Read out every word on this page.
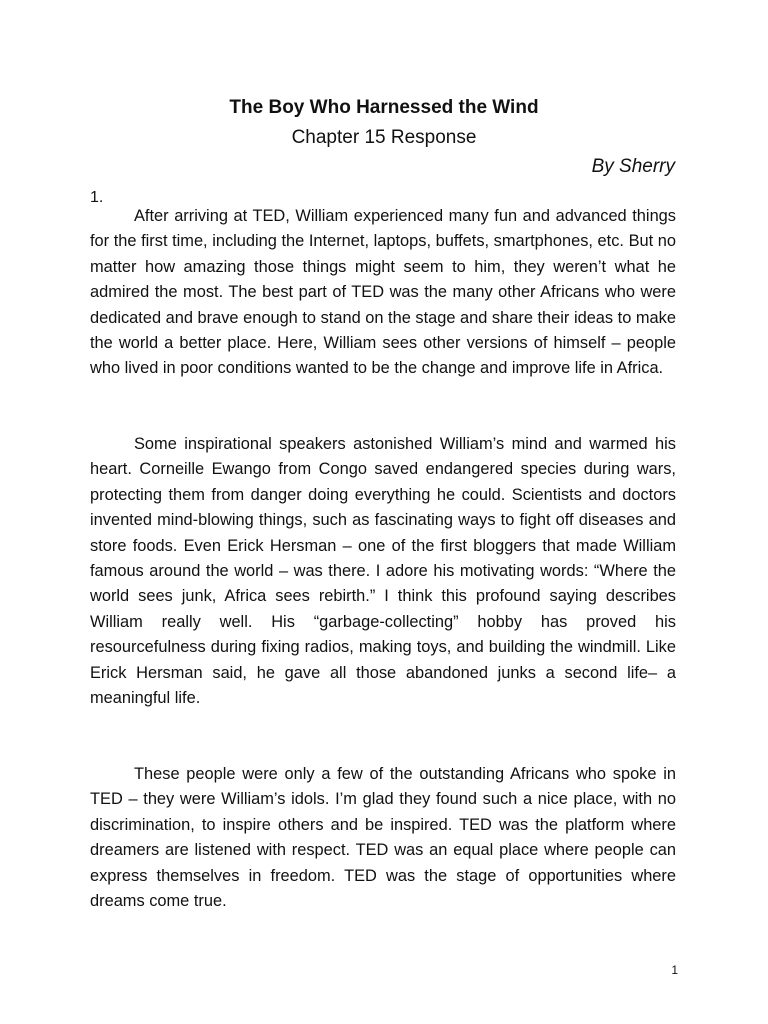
The Boy Who Harnessed the Wind
Chapter 15 Response
By Sherry
1.

After arriving at TED, William experienced many fun and advanced things for the first time, including the Internet, laptops, buffets, smartphones, etc. But no matter how amazing those things might seem to him, they weren’t what he admired the most. The best part of TED was the many other Africans who were dedicated and brave enough to stand on the stage and share their ideas to make the world a better place. Here, William sees other versions of himself – people who lived in poor conditions wanted to be the change and improve life in Africa.

Some inspirational speakers astonished William’s mind and warmed his heart. Corneille Ewango from Congo saved endangered species during wars, protecting them from danger doing everything he could. Scientists and doctors invented mind-blowing things, such as fascinating ways to fight off diseases and store foods. Even Erick Hersman – one of the first bloggers that made William famous around the world – was there. I adore his motivating words: “Where the world sees junk, Africa sees rebirth.” I think this profound saying describes William really well. His “garbage-collecting” hobby has proved his resourcefulness during fixing radios, making toys, and building the windmill. Like Erick Hersman said, he gave all those abandoned junks a second life– a meaningful life.

These people were only a few of the outstanding Africans who spoke in TED – they were William’s idols. I’m glad they found such a nice place, with no discrimination, to inspire others and be inspired. TED was the platform where dreamers are listened with respect. TED was an equal place where people can express themselves in freedom. TED was the stage of opportunities where dreams come true.

1
